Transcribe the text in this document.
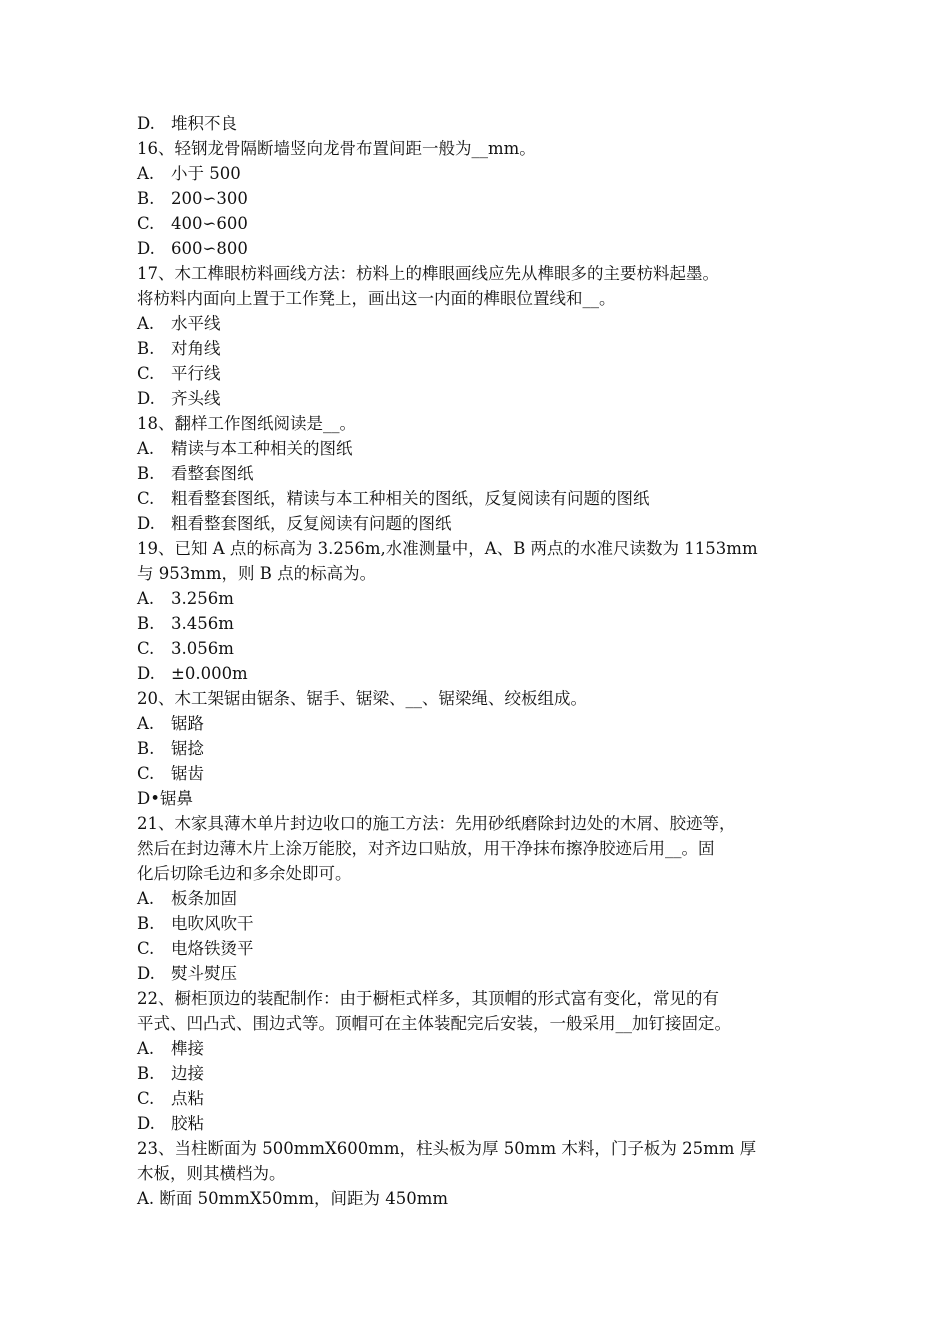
D. 堆积不良
16、轻钢龙骨隔断墙竖向龙骨布置间距一般为__mm。
A.	小于 500
B.	200∽300
C.	400∽600
D. 600∽800
17、木工榫眼枋料画线方法：枋料上的榫眼画线应先从榫眼多的主要枋料起墨。
将枋料内面向上置于工作凳上，画出这一内面的榫眼位置线和__。
A.	水平线
B.	对角线
C.	平行线
D. 齐头线
18、翻样工作图纸阅读是__。
A.	精读与本工种相关的图纸
B.	看整套图纸
C.	粗看整套图纸，精读与本工种相关的图纸，反复阅读有问题的图纸
D. 粗看整套图纸，反复阅读有问题的图纸
19、已知 A 点的标高为 3.256m,水准测量中，A、B 两点的水准尺读数为 1153mm
与 953mm，则 B 点的标高为。
A.	3.256m
B.	3.456m
C.	3.056m
D. ±0.000m
20、木工架锯由锯条、锯手、锯梁、__、锯梁绳、绞板组成。
A.	锯路
B.	锯捻
C.	锯齿
D•锯鼻
21、木家具薄木单片封边收口的施工方法：先用砂纸磨除封边处的木屑、胶迹等，
然后在封边薄木片上涂万能胶，对齐边口贴放，用干净抹布擦净胶迹后用__。固
化后切除毛边和多余处即可。
A.	板条加固
B.	电吹风吹干
C.	电烙铁烫平
D. 熨斗熨压
22、橱柜顶边的装配制作：由于橱柜式样多，其顶帽的形式富有变化，常见的有
平式、凹凸式、围边式等。顶帽可在主体装配完后安装，一般采用__加钉接固定。
A.	榫接
B.	边接
C.	点粘
D. 胶粘
23、当柱断面为 500mmX600mm，柱头板为厚 50mm 木料，门子板为 25mm 厚
木板，则其横档为。
A. 断面 50mmX50mm，间距为 450mm
